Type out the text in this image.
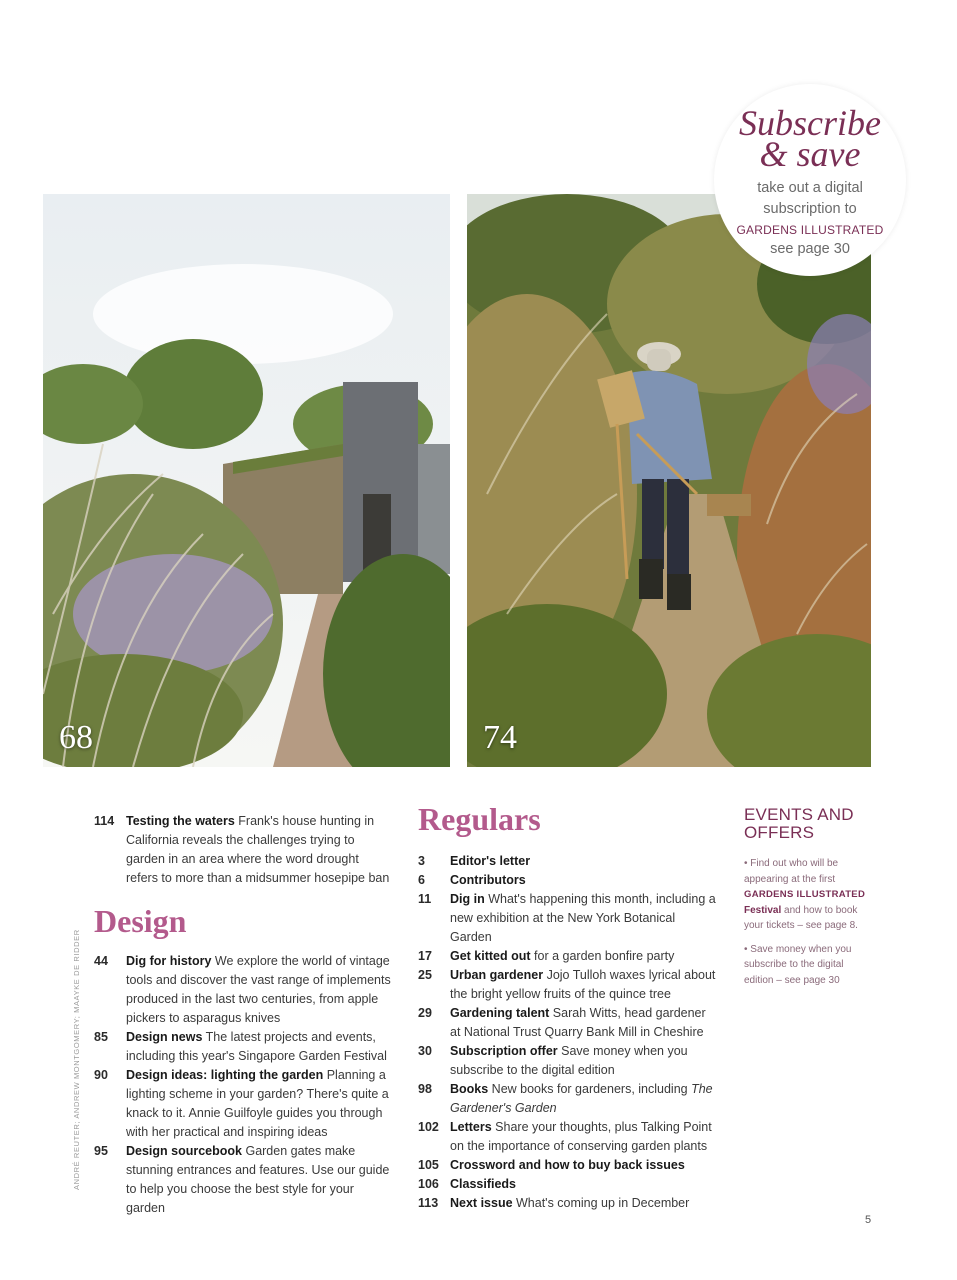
68	74
Subscribe
& save
take out a digital
subscription to
GARDENS ILLUSTRATED
see page 30
ANDRÉ REUTER; ANDREW MONTGOMERY; MAAYKE DE RIDDER
114 Testing the waters Frank's house hunting in California reveals the challenges trying to garden in an area where the word drought refers to more than a midsummer hosepipe ban
Design
44	Dig for history We explore the world of vintage tools and discover the vast range of implements produced in the last two centuries, from apple pickers to asparagus knives
85	Design news The latest projects and events, including this year's Singapore Garden Festival
90	Design ideas: lighting the garden Planning a lighting scheme in your garden? There's quite a knack to it. Annie Guilfoyle guides you through with her practical and inspiring ideas
95	Design sourcebook Garden gates make stunning entrances and features. Use our guide to help you choose the best style for your garden
Regulars
3	Editor's letter
6	Contributors
11	Dig in What's happening this month, including a new exhibition at the New York Botanical Garden
17	Get kitted out for a garden bonfire party
25	Urban gardener Jojo Tulloh waxes lyrical about the bright yellow fruits of the quince tree
29	Gardening talent Sarah Witts, head gardener at National Trust Quarry Bank Mill in Cheshire
30	Subscription offer Save money when you subscribe to the digital edition
98	Books New books for gardeners, including The Gardener's Garden
102 Letters Share your thoughts, plus Talking Point on the importance of conserving garden plants
105 Crossword and how to buy back issues
106 Classifieds
113 Next issue What's coming up in December
EVENTS AND
OFFERS
• Find out who will be appearing at the first GARDENS ILLUSTRATED Festival and how to book your tickets – see page 8.
• Save money when you subscribe to the digital edition – see page 30
5
